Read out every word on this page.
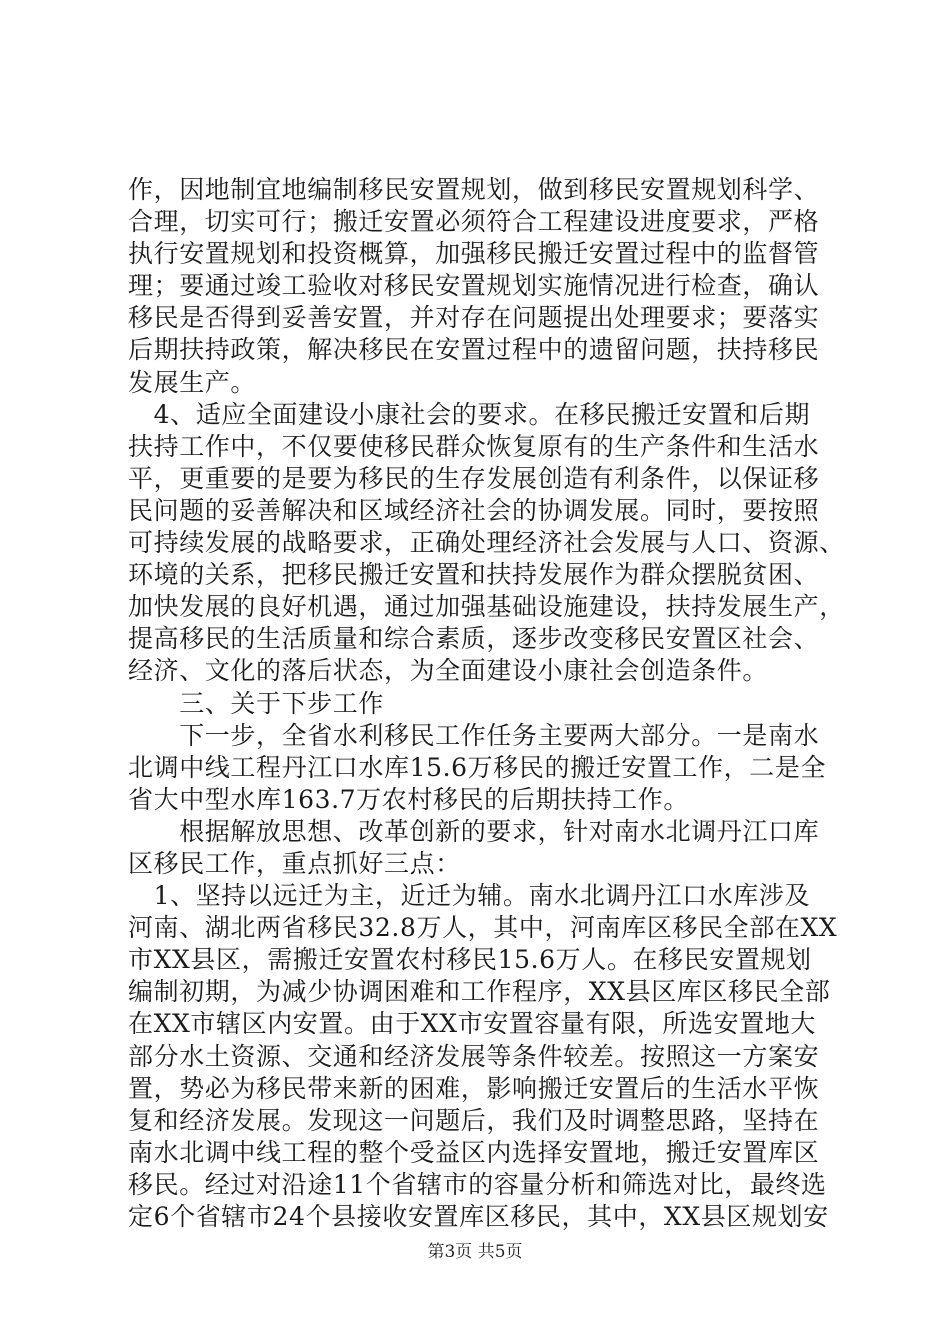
作，因地制宜地编制移民安置规划，做到移民安置规划科学、
合理，切实可行；搬迁安置必须符合工程建设进度要求，严格
执行安置规划和投资概算，加强移民搬迁安置过程中的监督管
理；要通过竣工验收对移民安置规划实施情况进行检查，确认
移民是否得到妥善安置，并对存在问题提出处理要求；要落实
后期扶持政策，解决移民在安置过程中的遗留问题，扶持移民
发展生产。
　4、适应全面建设小康社会的要求。在移民搬迁安置和后期
扶持工作中，不仅要使移民群众恢复原有的生产条件和生活水
平，更重要的是要为移民的生存发展创造有利条件，以保证移
民问题的妥善解决和区域经济社会的协调发展。同时，要按照
可持续发展的战略要求，正确处理经济社会发展与人口、资源、
环境的关系，把移民搬迁安置和扶持发展作为群众摆脱贫困、
加快发展的良好机遇，通过加强基础设施建设，扶持发展生产，
提高移民的生活质量和综合素质，逐步改变移民安置区社会、
经济、文化的落后状态，为全面建设小康社会创造条件。
　　三、关于下步工作
　　下一步，全省水利移民工作任务主要两大部分。一是南水
北调中线工程丹江口水库15.6万移民的搬迁安置工作，二是全
省大中型水库163.7万农村移民的后期扶持工作。
　　根据解放思想、改革创新的要求，针对南水北调丹江口库
区移民工作，重点抓好三点：
　1、坚持以远迁为主，近迁为辅。南水北调丹江口水库涉及
河南、湖北两省移民32.8万人，其中，河南库区移民全部在XX
市XX县区，需搬迁安置农村移民15.6万人。在移民安置规划
编制初期，为减少协调困难和工作程序，XX县区库区移民全部
在XX市辖区内安置。由于XX市安置容量有限，所选安置地大
部分水土资源、交通和经济发展等条件较差。按照这一方案安
置，势必为移民带来新的困难，影响搬迁安置后的生活水平恢
复和经济发展。发现这一问题后，我们及时调整思路，坚持在
南水北调中线工程的整个受益区内选择安置地，搬迁安置库区
移民。经过对沿途11个省辖市的容量分析和筛选对比，最终选
定6个省辖市24个县接收安置库区移民，其中，XX县区规划安
第3页 共5页
